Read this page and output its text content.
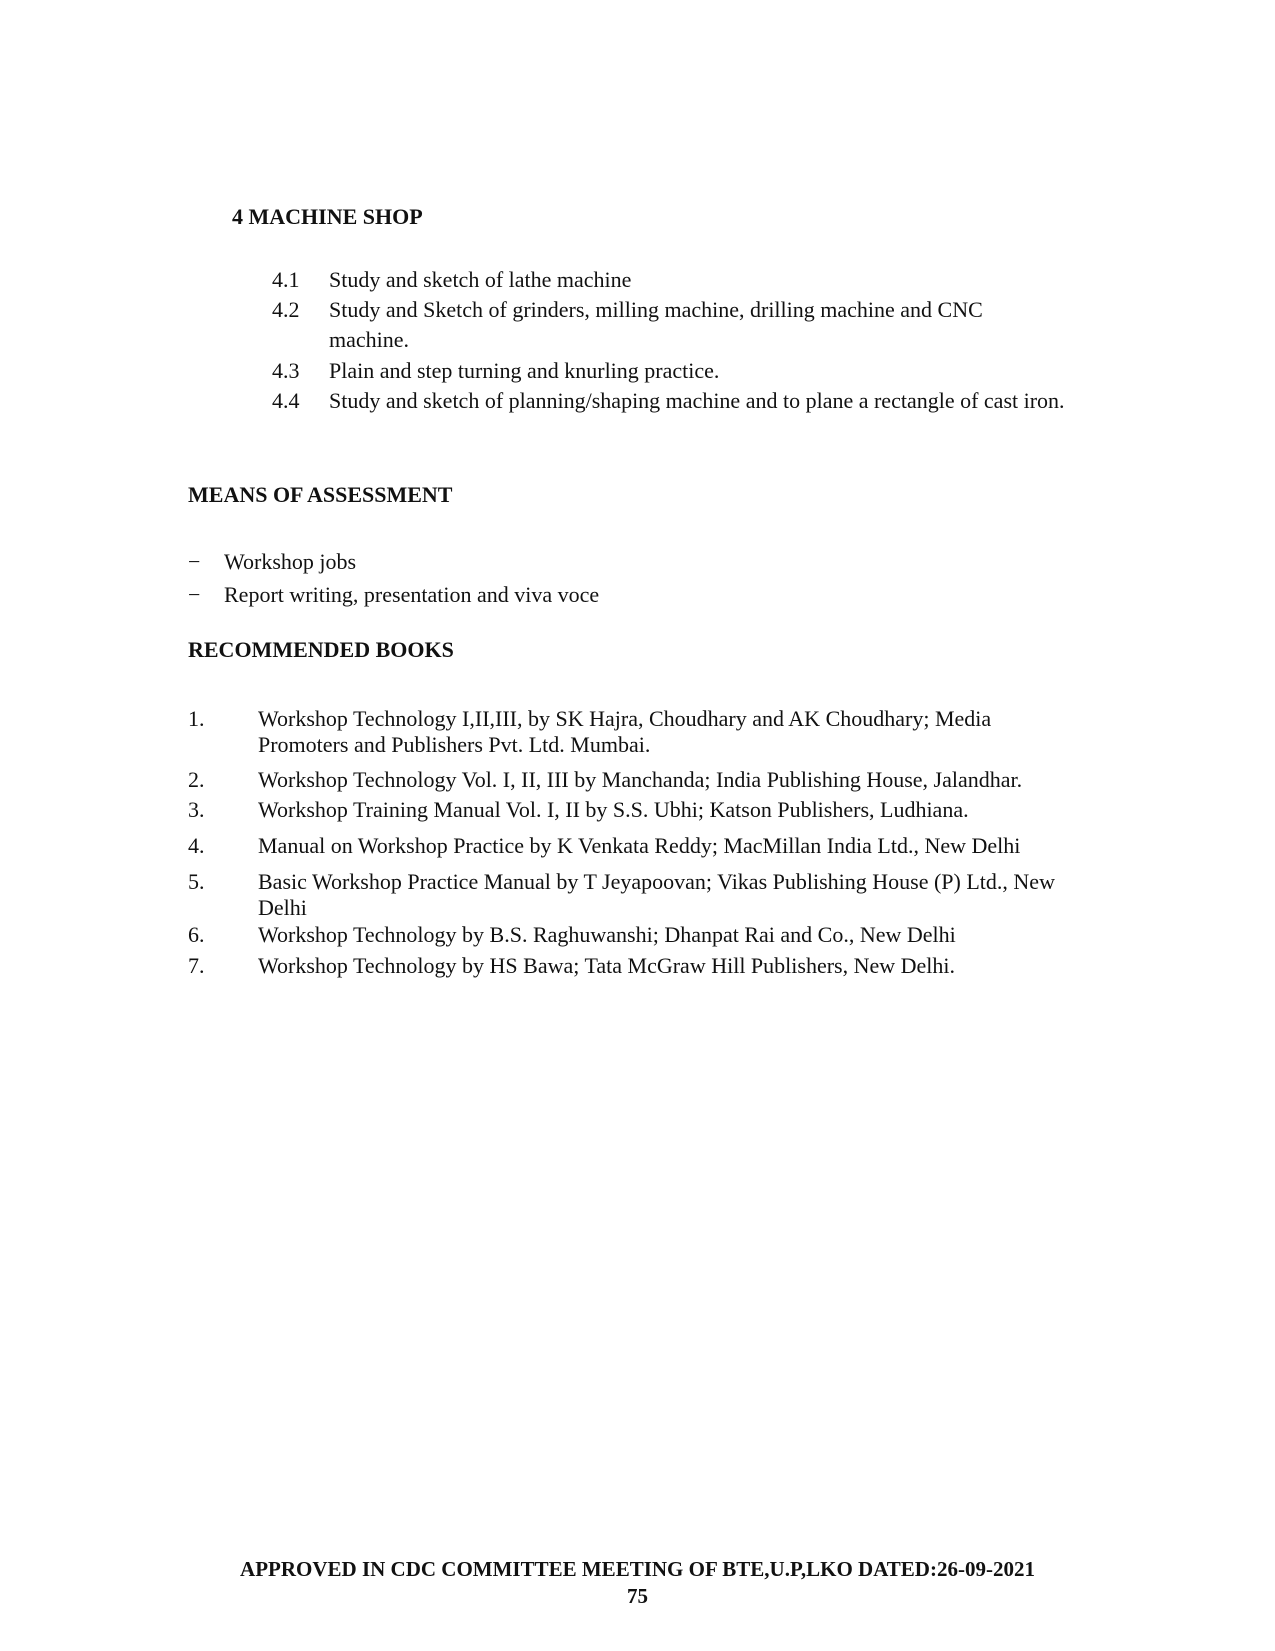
4 MACHINE SHOP
4.1	Study and sketch of lathe machine
4.2	Study and Sketch of grinders, milling machine, drilling machine and CNC machine.
4.3	Plain and step turning and knurling practice.
4.4	Study and sketch of planning/shaping machine and to plane a rectangle of cast iron.
MEANS OF ASSESSMENT
−	Workshop jobs
−	Report writing, presentation and viva voce
RECOMMENDED BOOKS
1. Workshop Technology I,II,III, by SK Hajra, Choudhary and AK Choudhary; Media Promoters and Publishers Pvt. Ltd. Mumbai.
2. Workshop Technology Vol. I, II, III by Manchanda; India Publishing House, Jalandhar.
3. Workshop Training Manual Vol. I, II by S.S. Ubhi; Katson Publishers, Ludhiana.
4. Manual on Workshop Practice by K Venkata Reddy; MacMillan India Ltd., New Delhi
5. Basic Workshop Practice Manual by T Jeyapoovan; Vikas Publishing House (P) Ltd., New Delhi
6. Workshop Technology by B.S. Raghuwanshi; Dhanpat Rai and Co., New Delhi
7. Workshop Technology by HS Bawa; Tata McGraw Hill Publishers, New Delhi.
APPROVED IN CDC COMMITTEE MEETING OF BTE,U.P,LKO DATED:26-09-2021
75
